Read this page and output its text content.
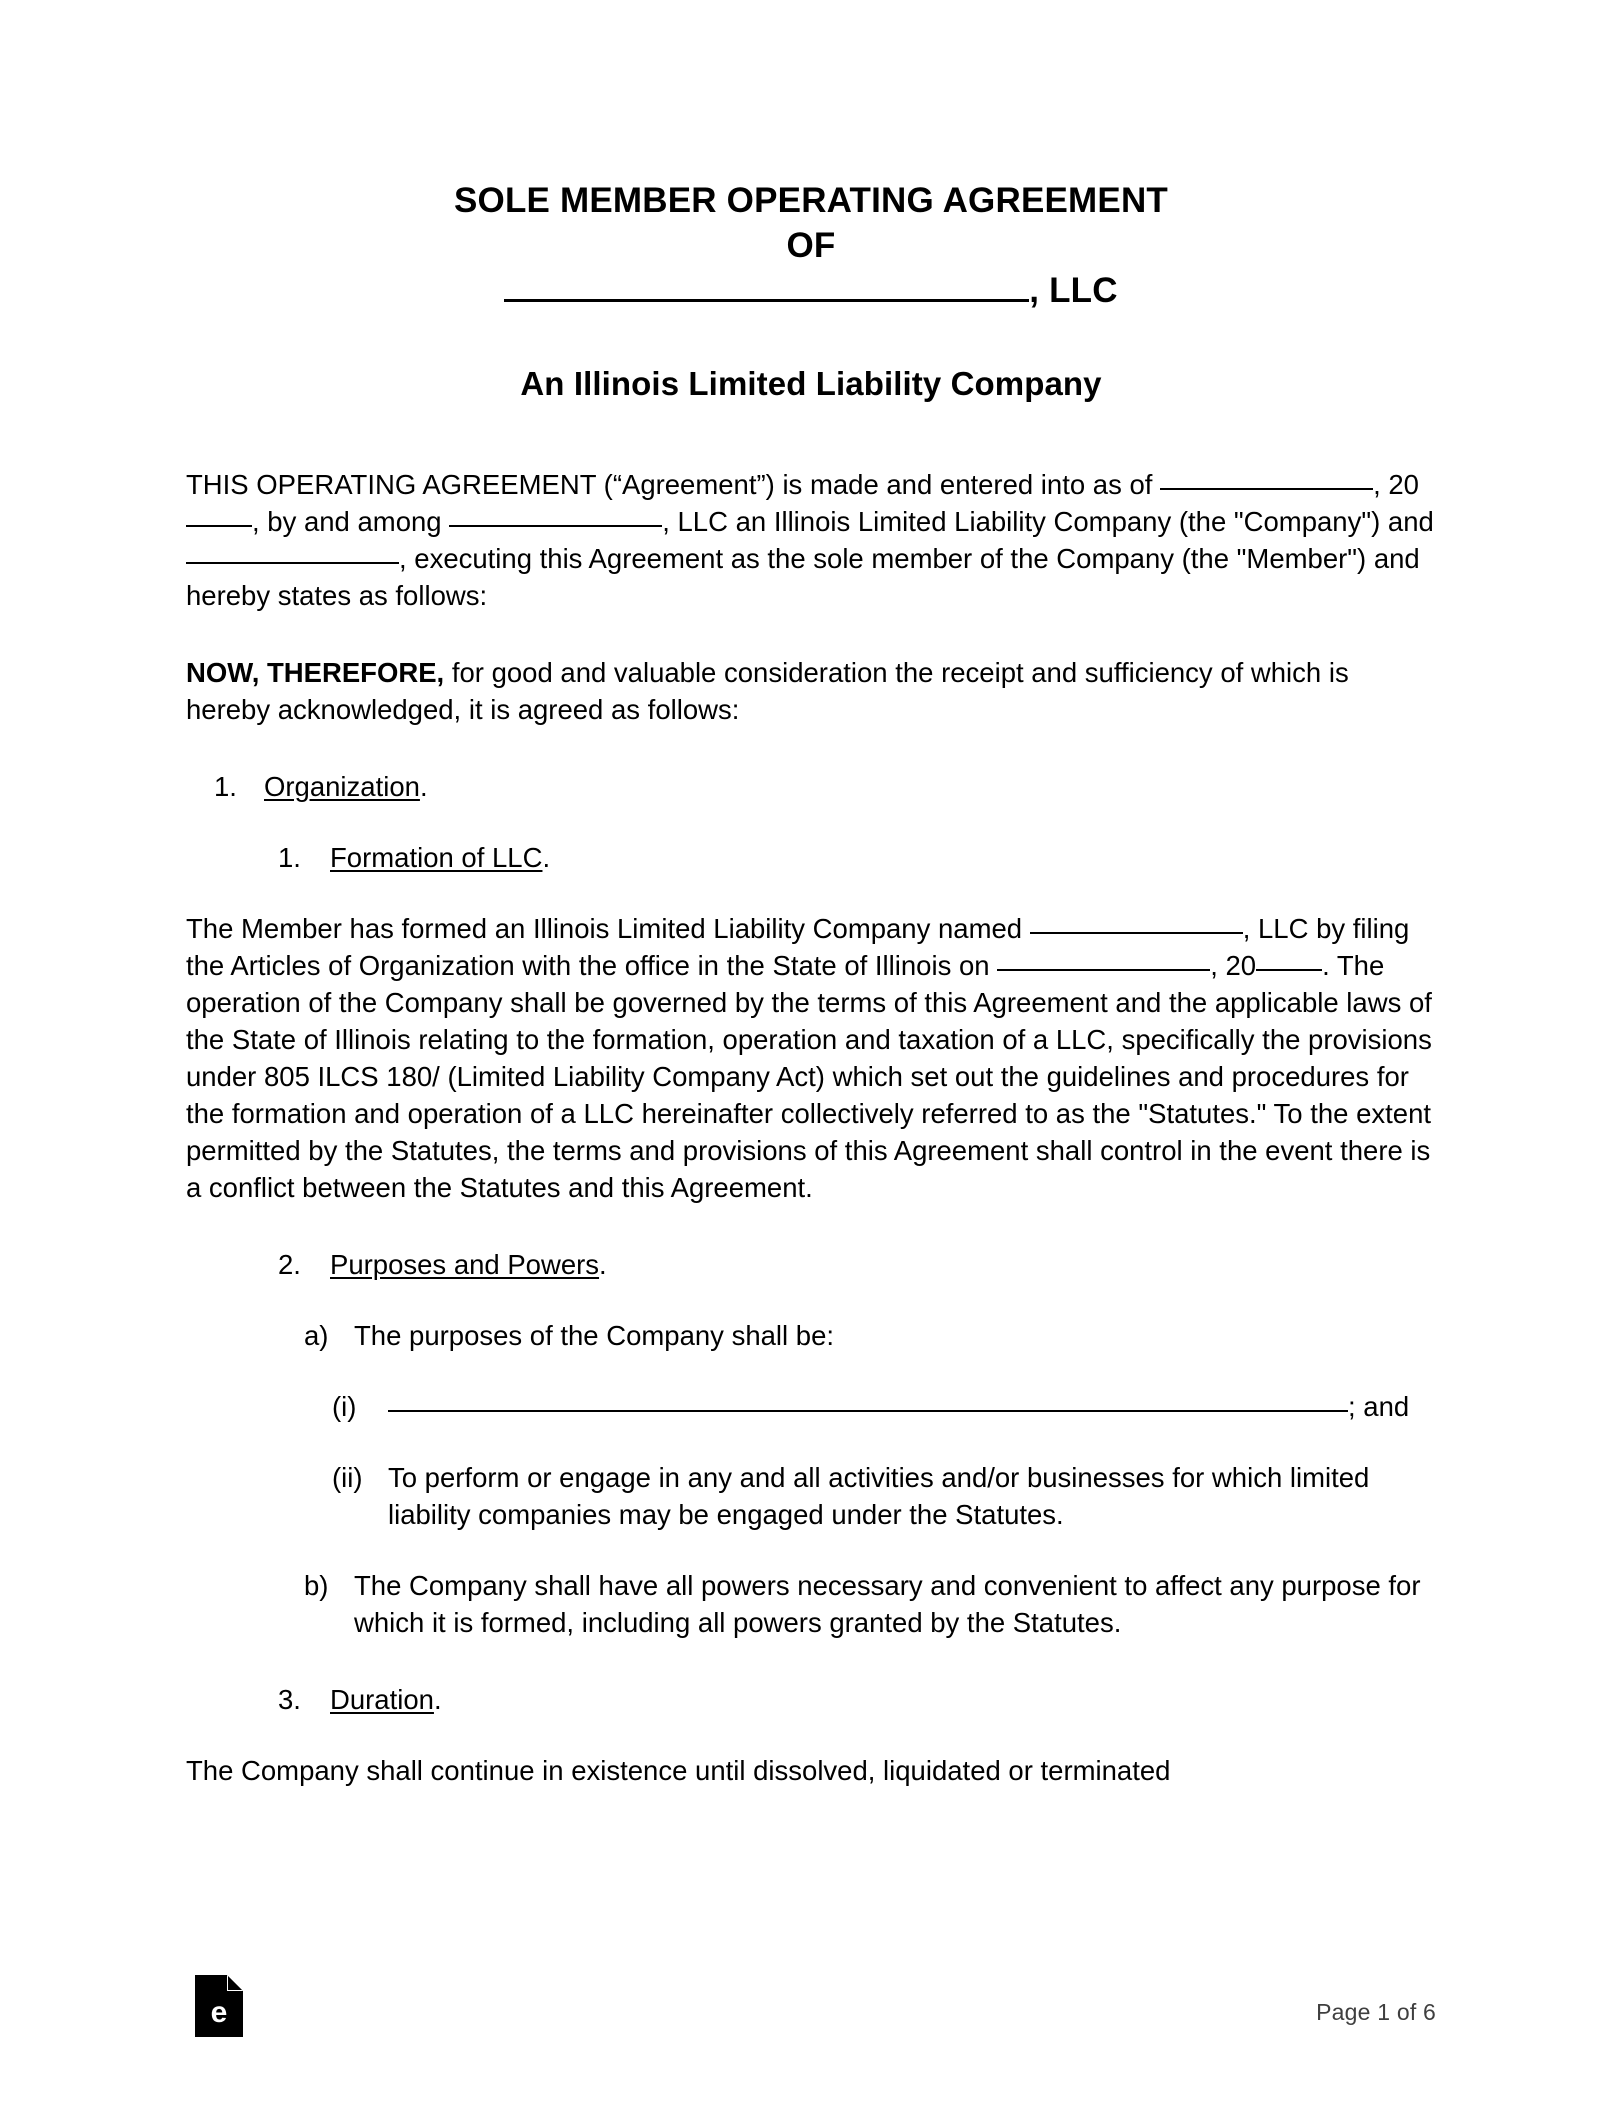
SOLE MEMBER OPERATING AGREEMENT
OF
, LLC
An Illinois Limited Liability Company

THIS OPERATING AGREEMENT (“Agreement”) is made and entered into as of	, 20, by and among	, LLC an Illinois Limited Liability Company (the "Company") and , executing this Agreement as the sole member of the Company (the "Member") and hereby states as follows:

NOW, THEREFORE, for good and valuable consideration the receipt and sufficiency of which is hereby acknowledged, it is agreed as follows:

1. Organization.
1.	Formation of LLC.

The Member has formed an Illinois Limited Liability Company named	, LLC by filing the Articles of Organization with the office in the State of Illinois on	, 20 . The operation of the Company shall be governed by the terms of this Agreement and the applicable laws of the State of Illinois relating to the formation, operation and taxation of a LLC, specifically the provisions under 805 ILCS 180/ (Limited Liability Company Act) which set out the guidelines and procedures for the formation and operation of a LLC hereinafter collectively referred to as the "Statutes." To the extent permitted by the Statutes, the terms and provisions of this Agreement shall control in the event there is a conflict between the Statutes and this Agreement.

2.	Purposes and Powers.
a) The purposes of the Company shall be:
(i)	; and
(ii) To perform or engage in any and all activities and/or businesses for which limited liability companies may be engaged under the Statutes.
b) The Company shall have all powers necessary and convenient to affect any purpose for which it is formed, including all powers granted by the Statutes.
3.	Duration.

The Company shall continue in existence until dissolved, liquidated or terminated

e	Page 1 of 6
